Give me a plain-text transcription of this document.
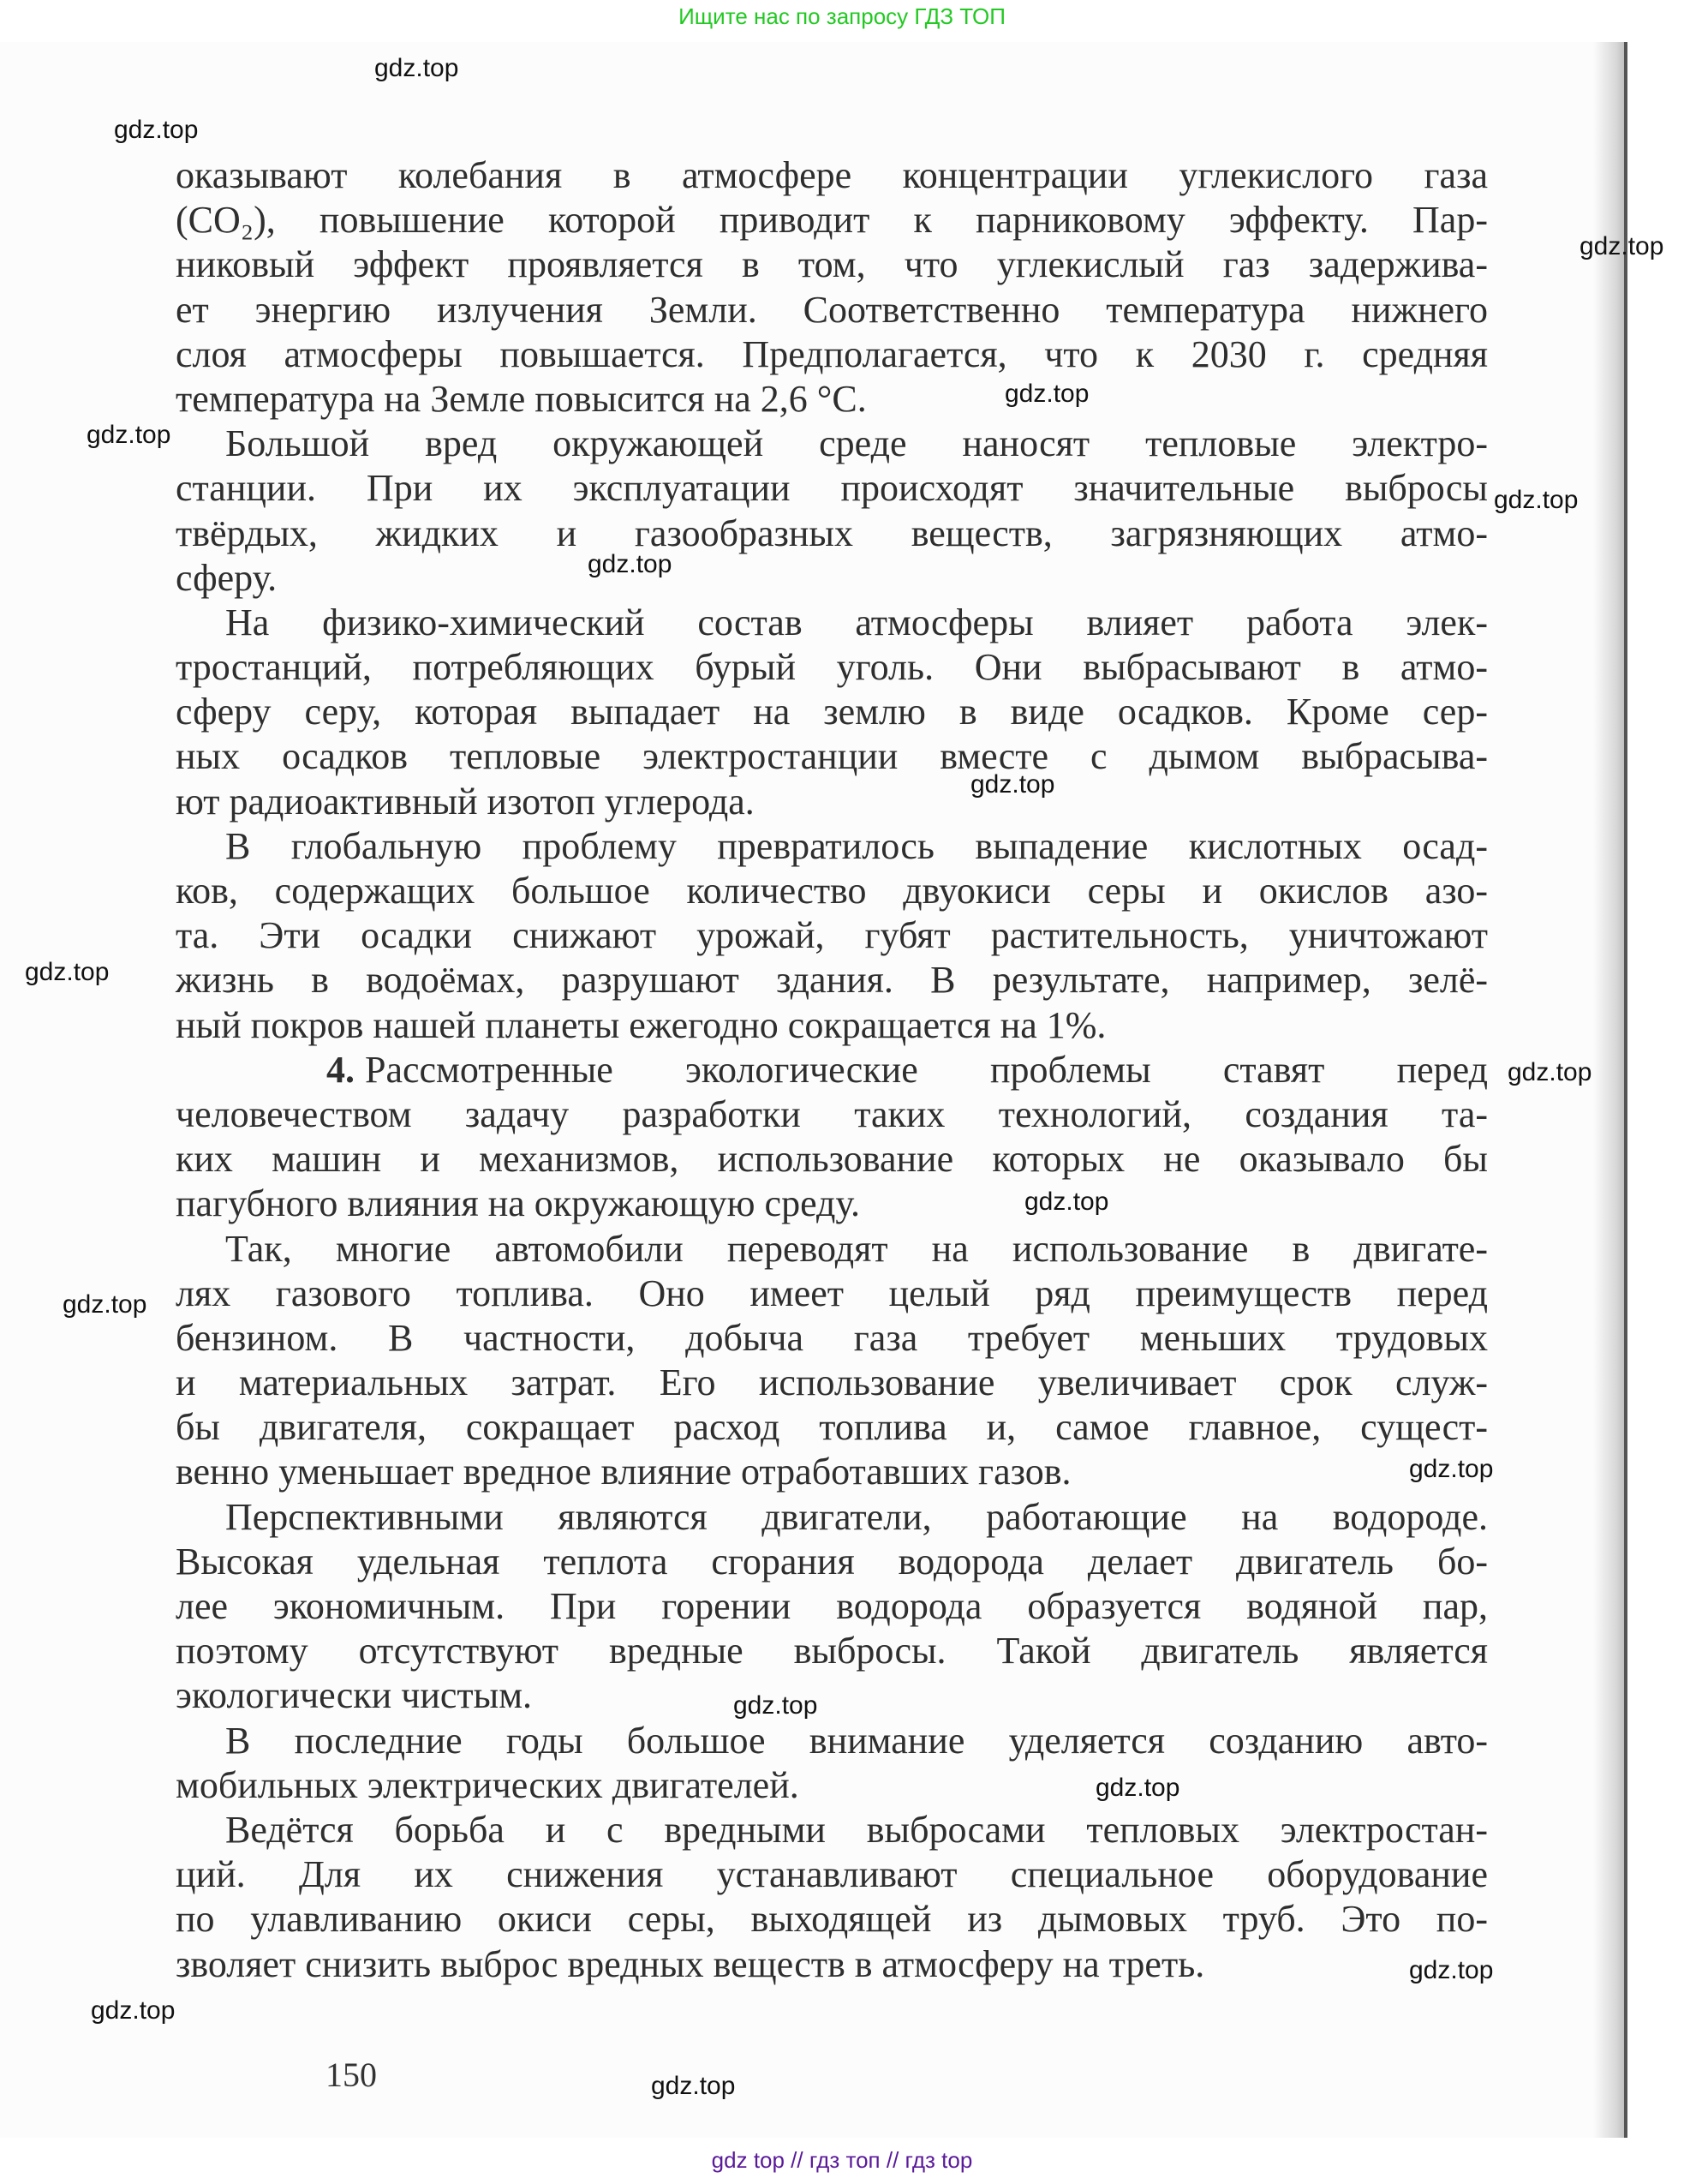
Ищите нас по запросу ГДЗ ТОП
оказывают колебания в атмосфере концентрации углекислого газа
(CO₂), повышение которой приводит к парниковому эффекту. Пар-
никовый эффект проявляется в том, что углекислый газ задержива-
ет энергию излучения Земли. Соответственно температура нижнего
слоя атмосферы повышается. Предполагается, что к 2030 г. средняя
температура на Земле повысится на 2,6 °C.
Большой вред окружающей среде наносят тепловые электро-
станции. При их эксплуатации происходят значительные выбросы
твёрдых, жидких и газообразных веществ, загрязняющих атмо-
сферу.
На физико-химический состав атмосферы влияет работа элек-
тростанций, потребляющих бурый уголь. Они выбрасывают в атмо-
сферу серу, которая выпадает на землю в виде осадков. Кроме сер-
ных осадков тепловые электростанции вместе с дымом выбрасыва-
ют радиоактивный изотоп углерода.
В глобальную проблему превратилось выпадение кислотных осад-
ков, содержащих большое количество двуокиси серы и окислов азо-
та. Эти осадки снижают урожай, губят растительность, уничтожают
жизнь в водоёмах, разрушают здания. В результате, например, зелё-
ный покров нашей планеты ежегодно сокращается на 1%.
4. Рассмотренные экологические проблемы ставят перед
человечеством задачу разработки таких технологий, создания та-
ких машин и механизмов, использование которых не оказывало бы
пагубного влияния на окружающую среду.
Так, многие автомобили переводят на использование в двигате-
лях газового топлива. Оно имеет целый ряд преимуществ перед
бензином. В частности, добыча газа требует меньших трудовых
и материальных затрат. Его использование увеличивает срок служ-
бы двигателя, сокращает расход топлива и, самое главное, сущест-
венно уменьшает вредное влияние отработавших газов.
Перспективными являются двигатели, работающие на водороде.
Высокая удельная теплота сгорания водорода делает двигатель бо-
лее экономичным. При горении водорода образуется водяной пар,
поэтому отсутствуют вредные выбросы. Такой двигатель является
экологически чистым.
В последние годы большое внимание уделяется созданию авто-
мобильных электрических двигателей.
Ведётся борьба и с вредными выбросами тепловых электростан-
ций. Для их снижения устанавливают специальное оборудование
по улавливанию окиси серы, выходящей из дымовых труб. Это по-
зволяет снизить выброс вредных веществ в атмосферу на треть.
150
gdz.top
gdz.top
gdz.top
gdz.top
gdz.top
gdz.top
gdz.top
gdz.top
gdz.top
gdz.top
gdz.top
gdz.top
gdz.top
gdz.top
gdz.top
gdz.top
gdz.top
gdz.top
gdz top // гдз топ // гдз top
